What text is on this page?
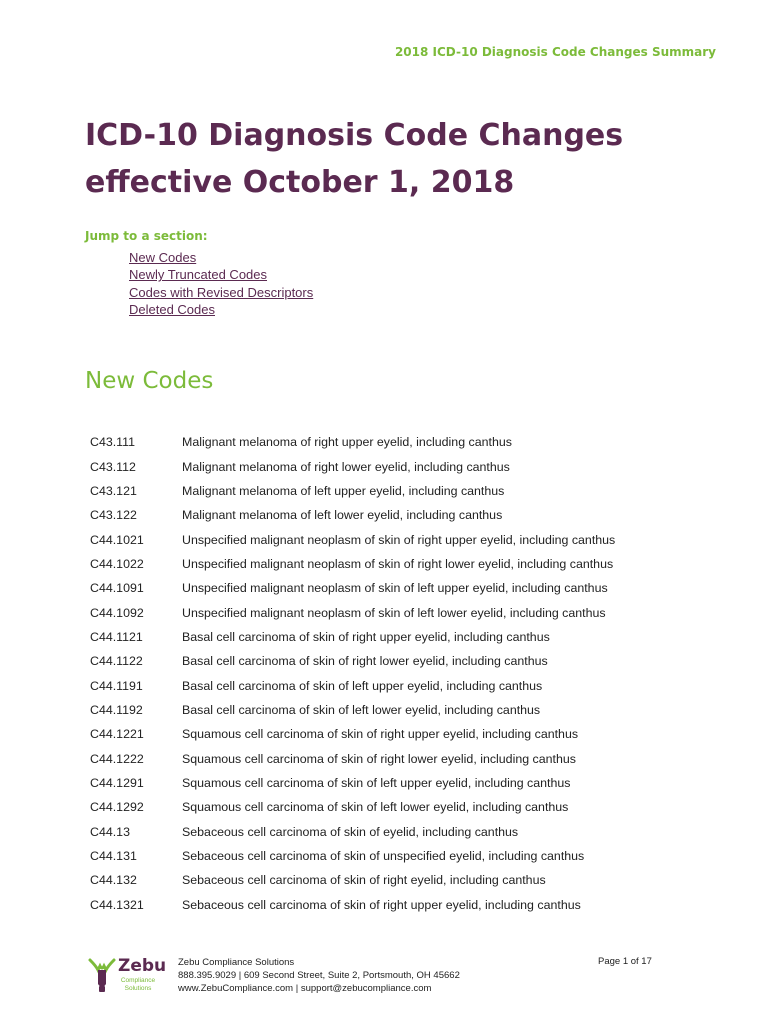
2018 ICD-10 Diagnosis Code Changes Summary
ICD-10 Diagnosis Code Changes
effective October 1, 2018
Jump to a section:
New Codes
Newly Truncated Codes
Codes with Revised Descriptors
Deleted Codes
New Codes
C43.111	Malignant melanoma of right upper eyelid, including canthus
C43.112	Malignant melanoma of right lower eyelid, including canthus
C43.121	Malignant melanoma of left upper eyelid, including canthus
C43.122	Malignant melanoma of left lower eyelid, including canthus
C44.1021	Unspecified malignant neoplasm of skin of right upper eyelid, including canthus
C44.1022	Unspecified malignant neoplasm of skin of right lower eyelid, including canthus
C44.1091	Unspecified malignant neoplasm of skin of left upper eyelid, including canthus
C44.1092	Unspecified malignant neoplasm of skin of left lower eyelid, including canthus
C44.1121	Basal cell carcinoma of skin of right upper eyelid, including canthus
C44.1122	Basal cell carcinoma of skin of right lower eyelid, including canthus
C44.1191	Basal cell carcinoma of skin of left upper eyelid, including canthus
C44.1192	Basal cell carcinoma of skin of left lower eyelid, including canthus
C44.1221	Squamous cell carcinoma of skin of right upper eyelid, including canthus
C44.1222	Squamous cell carcinoma of skin of right lower eyelid, including canthus
C44.1291	Squamous cell carcinoma of skin of left upper eyelid, including canthus
C44.1292	Squamous cell carcinoma of skin of left lower eyelid, including canthus
C44.13	Sebaceous cell carcinoma of skin of eyelid, including canthus
C44.131	Sebaceous cell carcinoma of skin of unspecified eyelid, including canthus
C44.132	Sebaceous cell carcinoma of skin of right eyelid, including canthus
C44.1321	Sebaceous cell carcinoma of skin of right upper eyelid, including canthus
Zebu
Compliance
Solutions
Zebu Compliance Solutions
888.395.9029 | 609 Second Street, Suite 2, Portsmouth, OH 45662
www.ZebuCompliance.com | support@zebucompliance.com
Page 1 of 17
